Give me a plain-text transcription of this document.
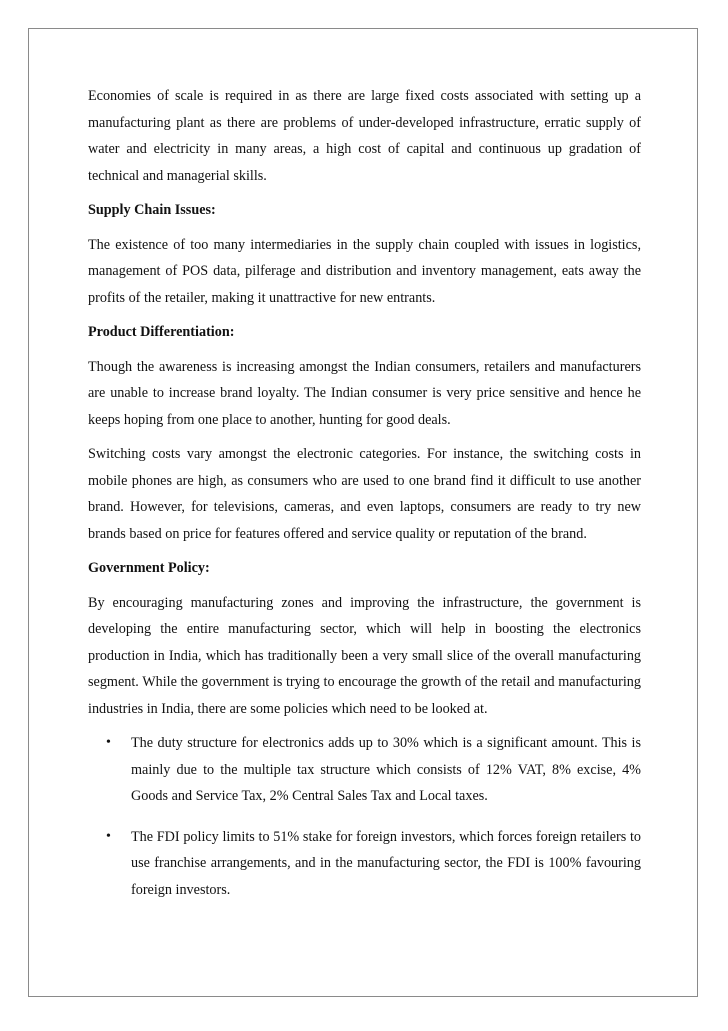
Economies of scale is required in as there are large fixed costs associated with setting up a manufacturing plant as there are problems of under-developed infrastructure, erratic supply of water and electricity in many areas, a high cost of capital and continuous up gradation of technical and managerial skills.

Supply Chain Issues:

The existence of too many intermediaries in the supply chain coupled with issues in logistics, management of POS data, pilferage and distribution and inventory management, eats away the profits of the retailer, making it unattractive for new entrants.

Product Differentiation:

Though the awareness is increasing amongst the Indian consumers, retailers and manufacturers are unable to increase brand loyalty. The Indian consumer is very price sensitive and hence he keeps hoping from one place to another, hunting for good deals.

Switching costs vary amongst the electronic categories. For instance, the switching costs in mobile phones are high, as consumers who are used to one brand find it difficult to use another brand. However, for televisions, cameras, and even laptops, consumers are ready to try new brands based on price for features offered and service quality or reputation of the brand.

Government Policy:

By encouraging manufacturing zones and improving the infrastructure, the government is developing the entire manufacturing sector, which will help in boosting the electronics production in India, which has traditionally been a very small slice of the overall manufacturing segment. While the government is trying to encourage the growth of the retail and manufacturing industries in India, there are some policies which need to be looked at.

• The duty structure for electronics adds up to 30% which is a significant amount. This is mainly due to the multiple tax structure which consists of 12% VAT, 8% excise, 4% Goods and Service Tax, 2% Central Sales Tax and Local taxes.
• The FDI policy limits to 51% stake for foreign investors, which forces foreign retailers to use franchise arrangements, and in the manufacturing sector, the FDI is 100% favouring foreign investors.
